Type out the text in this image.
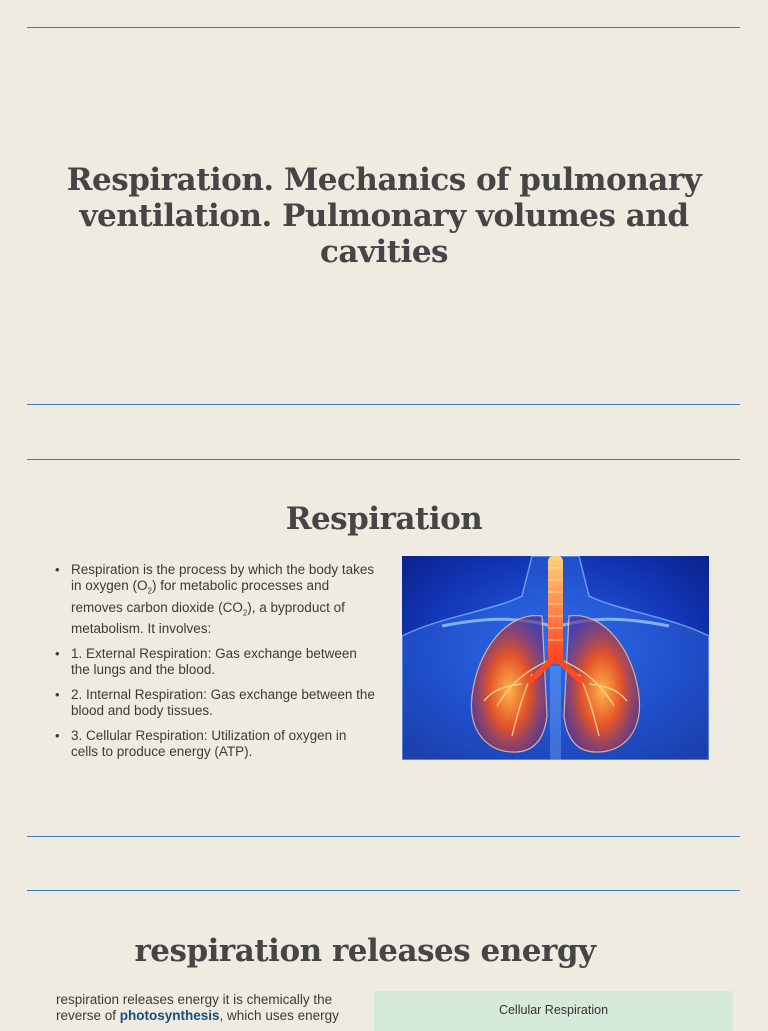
Respiration. Mechanics of pulmonary ventilation. Pulmonary volumes and cavities
Respiration
• Respiration is the process by which the body takes in oxygen $(O_2)$ for metabolic processes and removes carbon dioxide $(CO_2)$, a byproduct of metabolism. It involves:
• 1. External Respiration: Gas exchange between the lungs and the blood.
• 2. Internal Respiration: Gas exchange between the blood and body tissues.
• 3. Cellular Respiration: Utilization of oxygen in cells to produce energy (ATP).
respiration releases energy

respiration releases energy it is chemically the reverse of photosynthesis, which uses energy	Cellular Respiration
